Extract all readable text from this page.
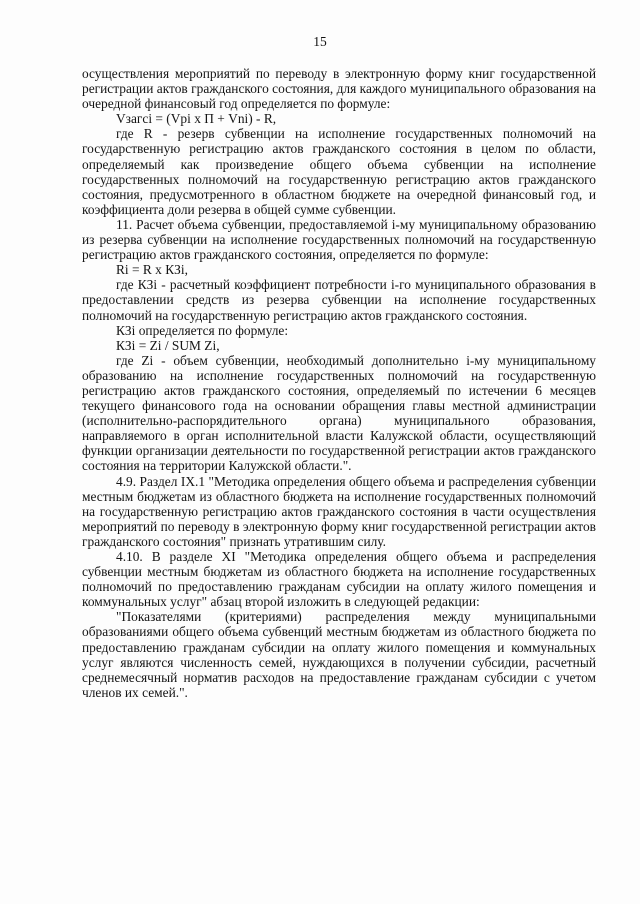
15

осуществления мероприятий по переводу в электронную форму книг государственной регистрации актов гражданского состояния, для каждого муниципального образования на очередной финансовый год определяется по формуле:

Vзагсi = (Vpi x П + Vni) - R,

где R - резерв субвенции на исполнение государственных полномочий на государственную регистрацию актов гражданского состояния в целом по области, определяемый как произведение общего объема субвенции на исполнение государственных полномочий на государственную регистрацию актов гражданского состояния, предусмотренного в областном бюджете на очередной финансовый год, и коэффициента доли резерва в общей сумме субвенции.

11. Расчет объема субвенции, предоставляемой i-му муниципальному образованию из резерва субвенции на исполнение государственных полномочий на государственную регистрацию актов гражданского состояния, определяется по формуле:

Ri = R x КЗi,

где КЗi - расчетный коэффициент потребности i-го муниципального образования в предоставлении средств из резерва субвенции на исполнение государственных полномочий на государственную регистрацию актов гражданского состояния.

КЗi определяется по формуле:

КЗi = Zi / SUM Zi,

где Zi - объем субвенции, необходимый дополнительно i-му муниципальному образованию на исполнение государственных полномочий на государственную регистрацию актов гражданского состояния, определяемый по истечении 6 месяцев текущего финансового года на основании обращения главы местной администрации (исполнительно-распорядительного органа) муниципального образования, направляемого в орган исполнительной власти Калужской области, осуществляющий функции организации деятельности по государственной регистрации актов гражданского состояния на территории Калужской области.".

4.9. Раздел IX.1 "Методика определения общего объема и распределения субвенции местным бюджетам из областного бюджета на исполнение государственных полномочий на государственную регистрацию актов гражданского состояния в части осуществления мероприятий по переводу в электронную форму книг государственной регистрации актов гражданского состояния" признать утратившим силу.

4.10. В разделе XI "Методика определения общего объема и распределения субвенции местным бюджетам из областного бюджета на исполнение государственных полномочий по предоставлению гражданам субсидии на оплату жилого помещения и коммунальных услуг" абзац второй изложить в следующей редакции:

"Показателями (критериями) распределения между муниципальными образованиями общего объема субвенций местным бюджетам из областного бюджета по предоставлению гражданам субсидии на оплату жилого помещения и коммунальных услуг являются численность семей, нуждающихся в получении субсидии, расчетный среднемесячный норматив расходов на предоставление гражданам субсидии с учетом членов их семей.".
